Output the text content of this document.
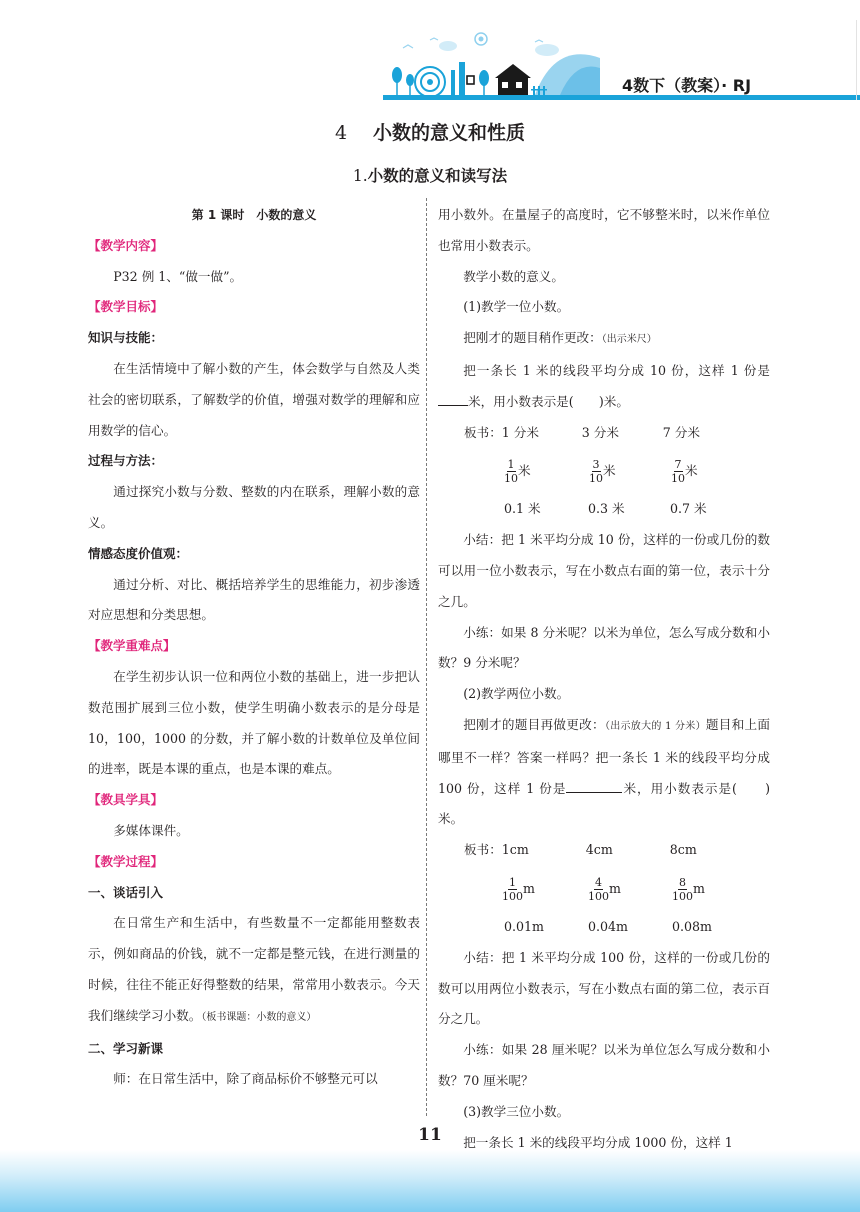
4数下（教案）· RJ
4 小数的意义和性质
1.小数的意义和读写法

第 1 课时　小数的意义

【教学内容】

P32 例 1、“做一做”。

【教学目标】

知识与技能：

在生活情境中了解小数的产生，体会数学与自然及人类社会的密切联系，了解数学的价值，增强对数学的理解和应用数学的信心。

过程与方法：

通过探究小数与分数、整数的内在联系，理解小数的意义。

情感态度价值观：

通过分析、对比、概括培养学生的思维能力，初步渗透对应思想和分类思想。

【教学重难点】

在学生初步认识一位和两位小数的基础上，进一步把认数范围扩展到三位小数，使学生明确小数表示的是分母是 10，100，1000 的分数，并了解小数的计数单位及单位间的进率，既是本课的重点，也是本课的难点。

【教具学具】

多媒体课件。

【教学过程】

一、谈话引入

在日常生产和生活中，有些数量不一定都能用整数表示，例如商品的价钱，就不一定都是整元钱，在进行测量的时候，往往不能正好得整数的结果，常常用小数表示。今天我们继续学习小数。（板书课题：小数的意义）

二、学习新课

师：在日常生活中，除了商品标价不够整元可以

用小数外。在量屋子的高度时，它不够整米时，以米作单位也常用小数表示。

教学小数的意义。

(1)教学一位小数。

把刚才的题目稍作更改：（出示米尺）

把一条长 1 米的线段平均分成 10 份，这样 1 份是米，用小数表示是(　　)米。

板书： 1 分米	3 分米	7 分米
$\frac{1}{10}$ 米	$\frac{3}{10}$ 米	$\frac{7}{10}$ 米
0.1 米	0.3 米	0.7 米

小结：把 1 米平均分成 10 份，这样的一份或几份的数可以用一位小数表示，写在小数点右面的第一位，表示十分之几。

小练：如果 8 分米呢？以米为单位，怎么写成分数和小数？9 分米呢？

(2)教学两位小数。

把刚才的题目再做更改：（出示放大的 1 分米）题目和上面哪里不一样？答案一样吗？把一条长 1 米的线段平均分成 100 份，这样 1 份是	米，用小数表示是(　　)米。

板书： 1cm	4cm	8cm
$\frac{1}{100}$ m	$\frac{4}{100}$ m	$\frac{8}{100}$ m
0.01m	0.04m	0.08m

小结：把 1 米平均分成 100 份，这样的一份或几份的数可以用两位小数表示，写在小数点右面的第二位，表示百分之几。

小练：如果 28 厘米呢？以米为单位怎么写成分数和小数？70 厘米呢？

(3)教学三位小数。

把一条长 1 米的线段平均分成 1000 份，这样 1

11
